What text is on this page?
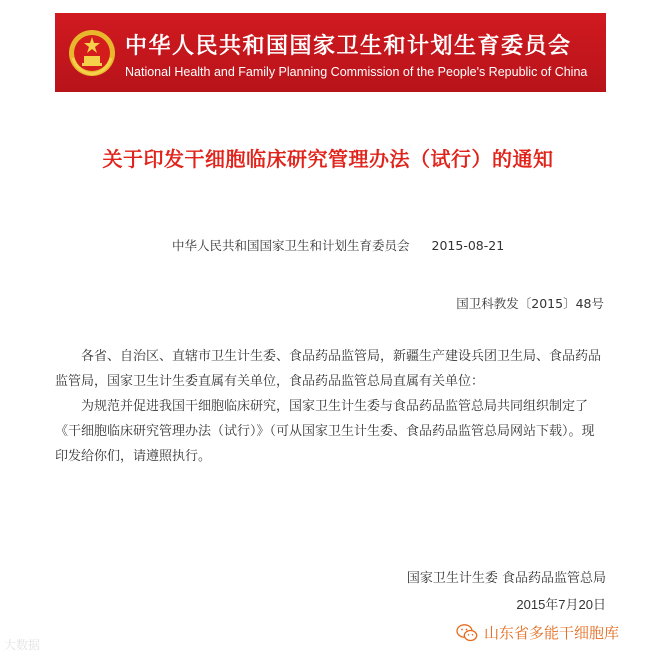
中华人民共和国国家卫生和计划生育委员会
National Health and Family Planning Commission of the People's Republic of China
关于印发干细胞临床研究管理办法（试行）的通知
中华人民共和国国家卫生和计划生育委员会 2015-08-21
国卫科教发〔2015〕48号

各省、自治区、直辖市卫生计生委、食品药品监管局，新疆生产建设兵团卫生局、食品药品监管局，国家卫生计生委直属有关单位，食品药品监管总局直属有关单位：

为规范并促进我国干细胞临床研究，国家卫生计生委与食品药品监管总局共同组织制定了《干细胞临床研究管理办法（试行）》（可从国家卫生计生委、食品药品监管总局网站下载）。现印发给你们，请遵照执行。

国家卫生计生委 食品药品监管总局
2015年7月20日
大数据
山东省多能干细胞库
